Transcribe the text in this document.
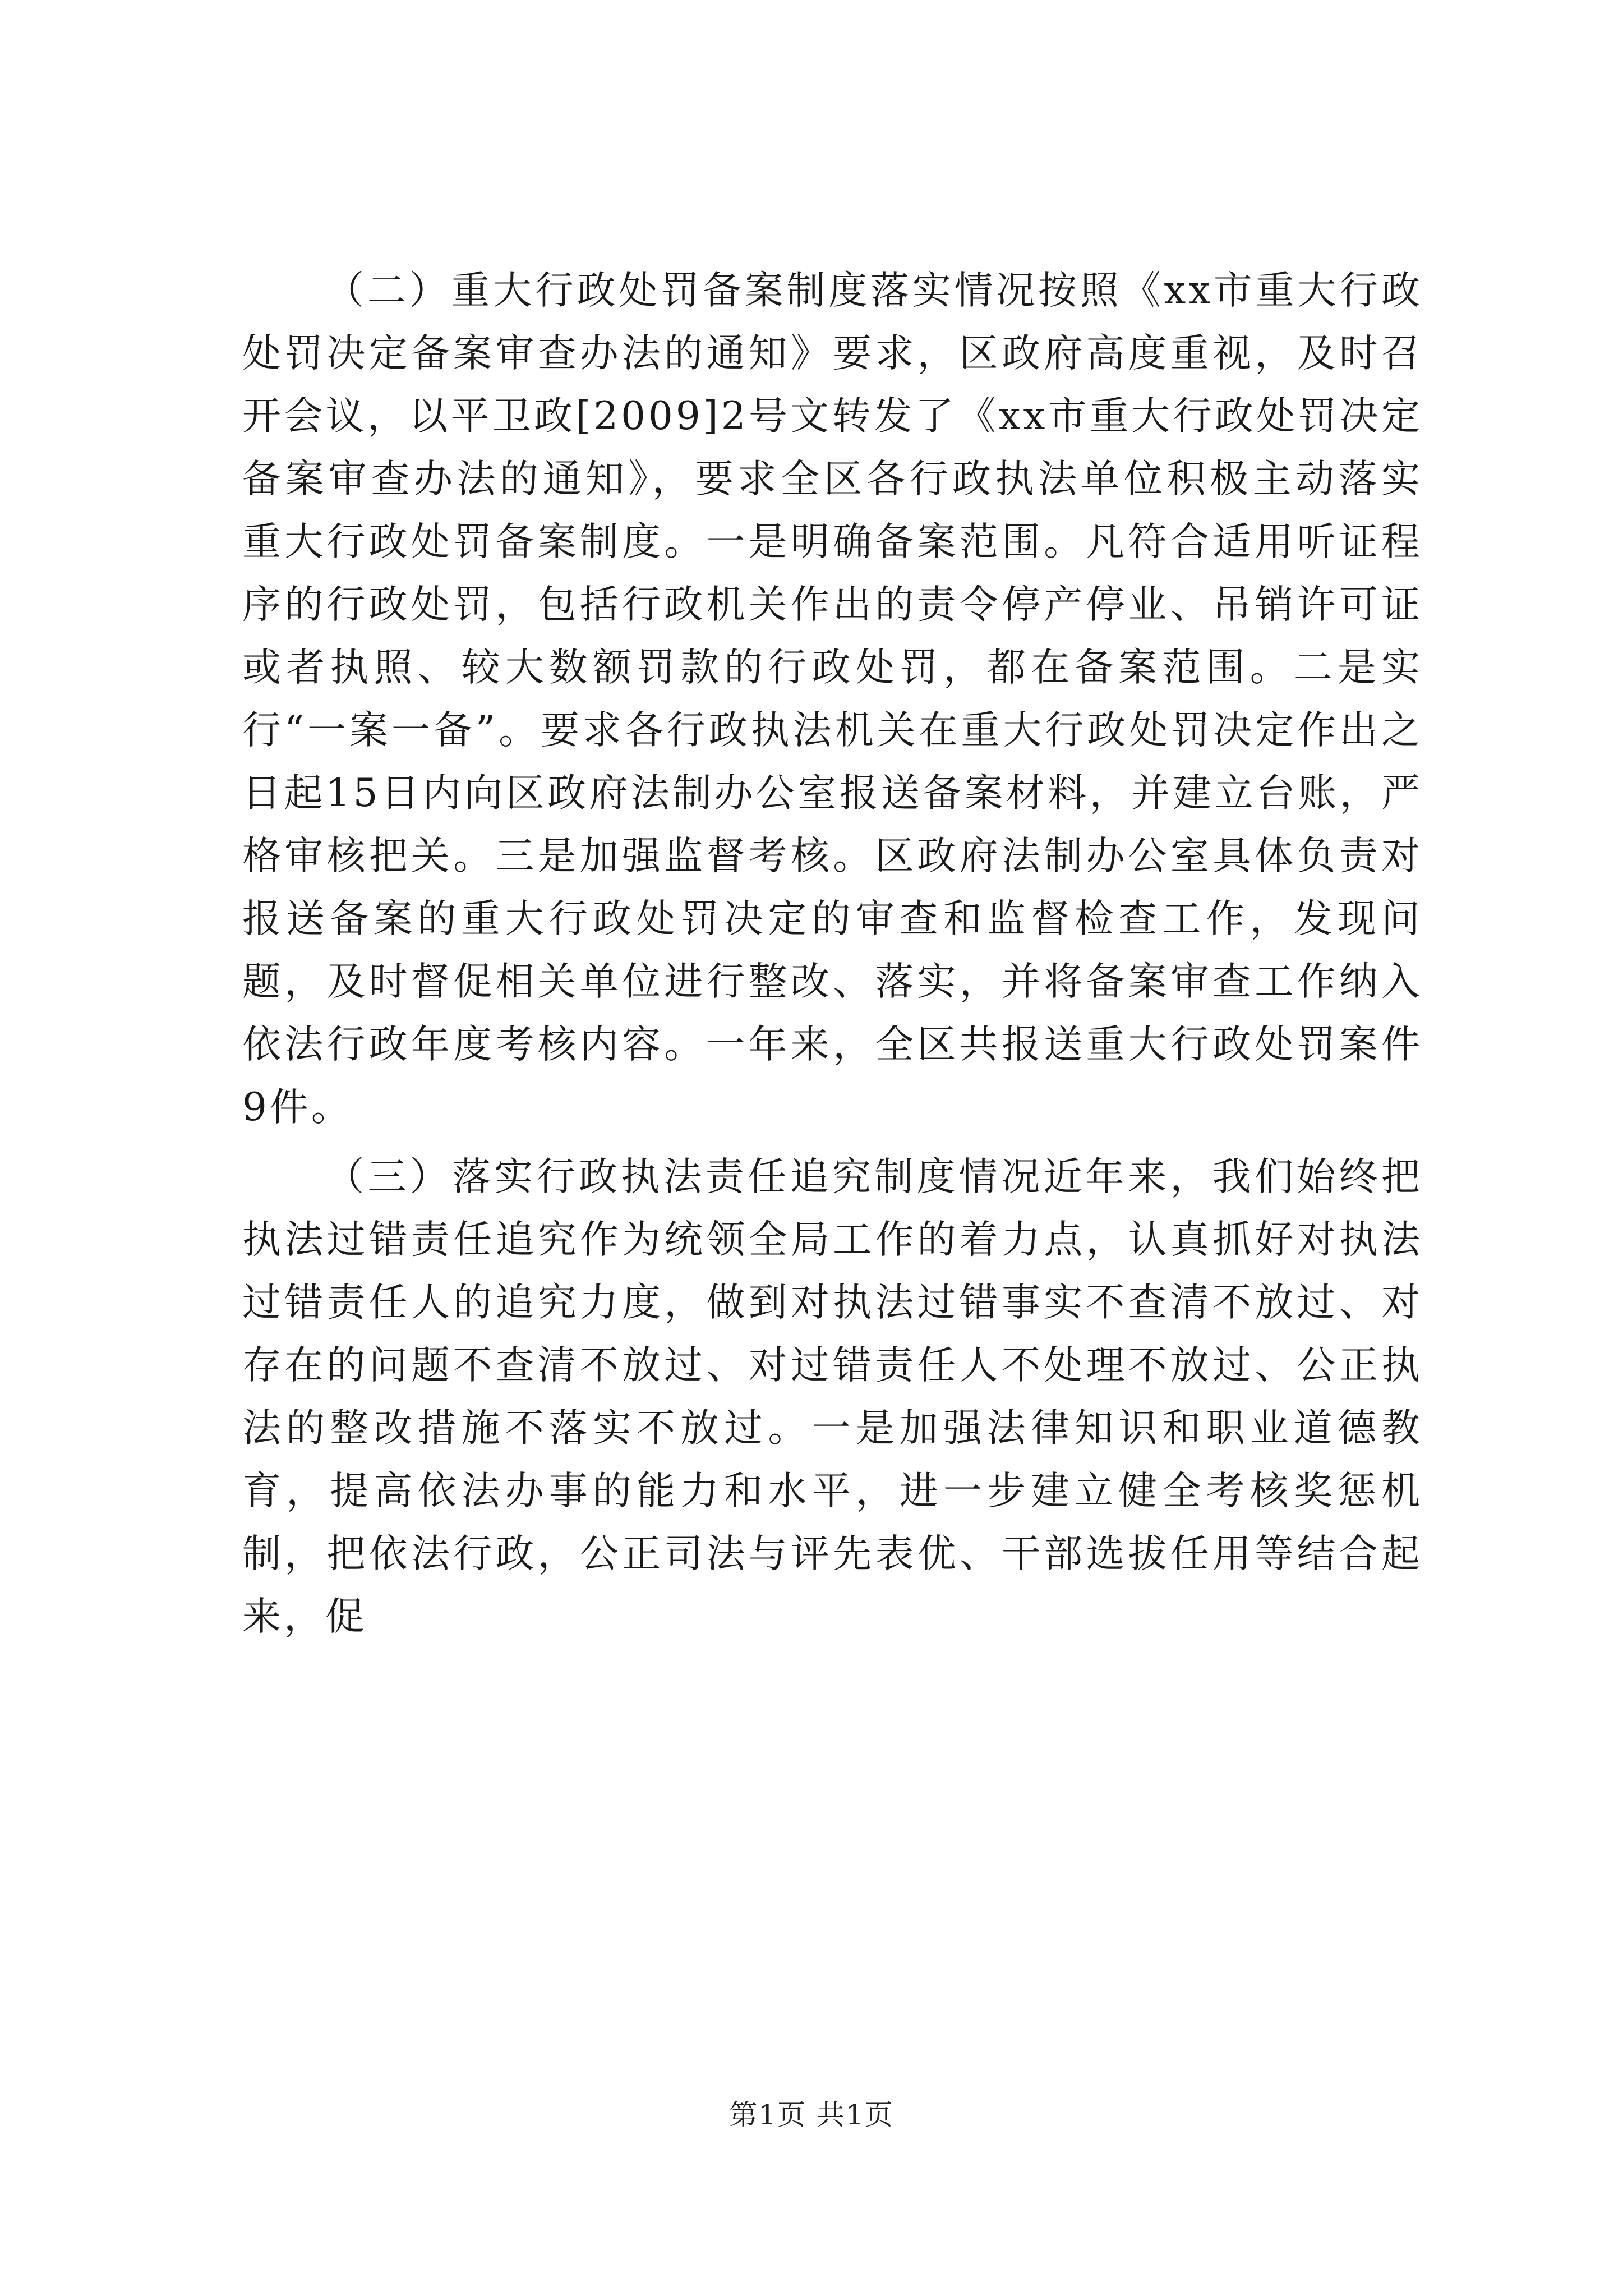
（二）重大行政处罚备案制度落实情况按照《xx市重大行政处罚决定备案审查办法的通知》要求，区政府高度重视，及时召开会议，以平卫政[2009]2号文转发了《xx市重大行政处罚决定备案审查办法的通知》，要求全区各行政执法单位积极主动落实重大行政处罚备案制度。一是明确备案范围。凡符合适用听证程序的行政处罚，包括行政机关作出的责令停产停业、吊销许可证或者执照、较大数额罚款的行政处罚，都在备案范围。二是实行“一案一备”。要求各行政执法机关在重大行政处罚决定作出之日起15日内向区政府法制办公室报送备案材料，并建立台账，严格审核把关。三是加强监督考核。区政府法制办公室具体负责对报送备案的重大行政处罚决定的审查和监督检查工作，发现问题，及时督促相关单位进行整改、落实，并将备案审查工作纳入依法行政年度考核内容。一年来，全区共报送重大行政处罚案件9件。

（三）落实行政执法责任追究制度情况近年来，我们始终把执法过错责任追究作为统领全局工作的着力点，认真抓好对执法过错责任人的追究力度，做到对执法过错事实不查清不放过、对存在的问题不查清不放过、对过错责任人不处理不放过、公正执法的整改措施不落实不放过。一是加强法律知识和职业道德教育，提高依法办事的能力和水平，进一步建立健全考核奖惩机制，把依法行政，公正司法与评先表优、干部选拔任用等结合起来，促

第1页 共1页
